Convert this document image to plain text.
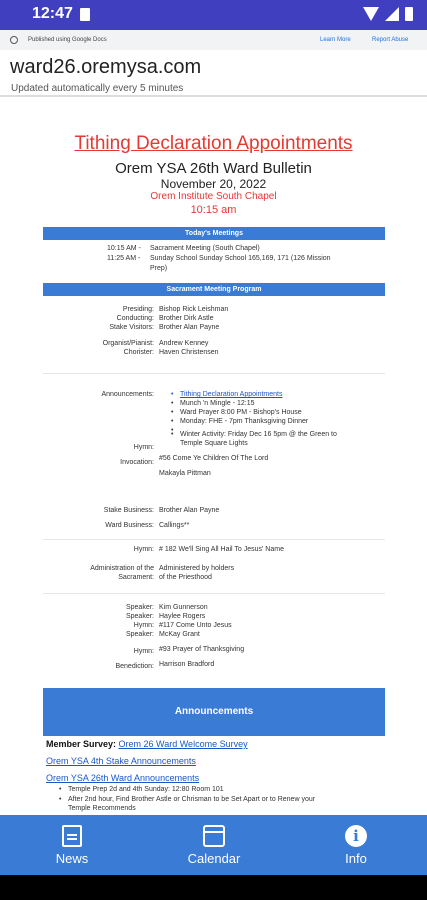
12:47
Published using Google Docs	Learn More	Report Abuse
ward26.oremysa.com
Updated automatically every 5 minutes
Tithing Declaration Appointments
Orem YSA 26th Ward Bulletin
November 20, 2022
Orem Institute South Chapel
10:15 am
Today's Meetings
10:15 AM - Sacrament Meeting (South Chapel)
11:25 AM - Sunday School Sunday School 165,169, 171 (126 Mission
Prep)
Sacrament Meeting Program
Presiding: Bishop Rick Leishman
Conducting: Brother Dirk Astle
Stake Visitors: Brother Alan Payne
Organist/Pianist: Andrew Kenney
Chorister: Haven Christensen
Announcements:
•	Tithing Declaration Appointments
• Munch 'n Mingle - 12:15
• Ward Prayer 8:00 PM - Bishop's House
• Monday: FHE - 7pm Thanksgiving Dinner
• Winter Activity: Friday Dec 16 5pm @ the Green to
Temple Square Lights
Hymn:
Invocation:
#56 Come Ye Children Of The Lord
Makayla Pittman
Stake Business: Brother Alan Payne
Ward Business: Callings**
Hymn: # 182 We'll Sing All Hail To Jesus' Name
Administration of the
Sacrament:
Administered by holders
of the Priesthood
Speaker: Kim Gunnerson
Speaker: Haylee Rogers
Hymn: #117 Come Unto Jesus
Speaker: McKay Grant
Hymn: #93 Prayer of Thanksgiving
Benediction: Harrison Bradford
Announcements
Member Survey: Orem 26 Ward Welcome Survey
Orem YSA 4th Stake Announcements
Orem YSA 26th Ward Announcements
• Temple Prep 2d and 4th Sunday: 12:80 Room 101
• After 2nd hour, Find Brother Astle or Chrisman to be Set Apart or to Renew your
Temple Recommends
News	Calendar
i
Info
